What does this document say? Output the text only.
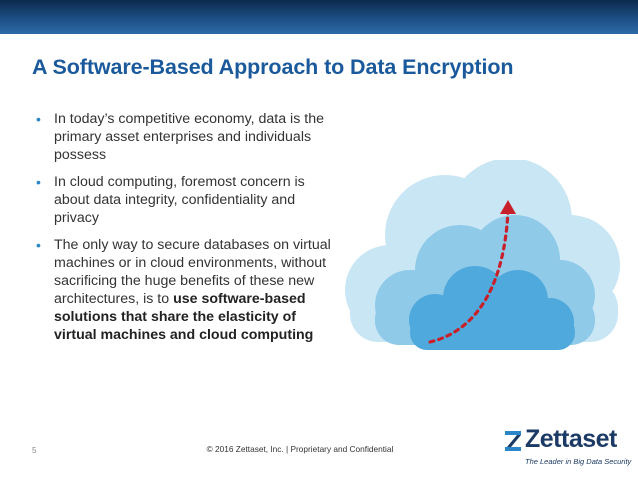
A Software-Based Approach to Data Encryption
• In today’s competitive economy, data is the primary asset enterprises and individuals possess
• In cloud computing, foremost concern is about data integrity, confidentiality and privacy
• The only way to secure databases on virtual machines or in cloud environments, without sacrificing the huge benefits of these new architectures, is to use software-based solutions that share the elasticity of virtual machines and cloud computing
5	© 2016 Zettaset, Inc. | Proprietary and Confidential	Zettaset
The Leader in Big Data Security
